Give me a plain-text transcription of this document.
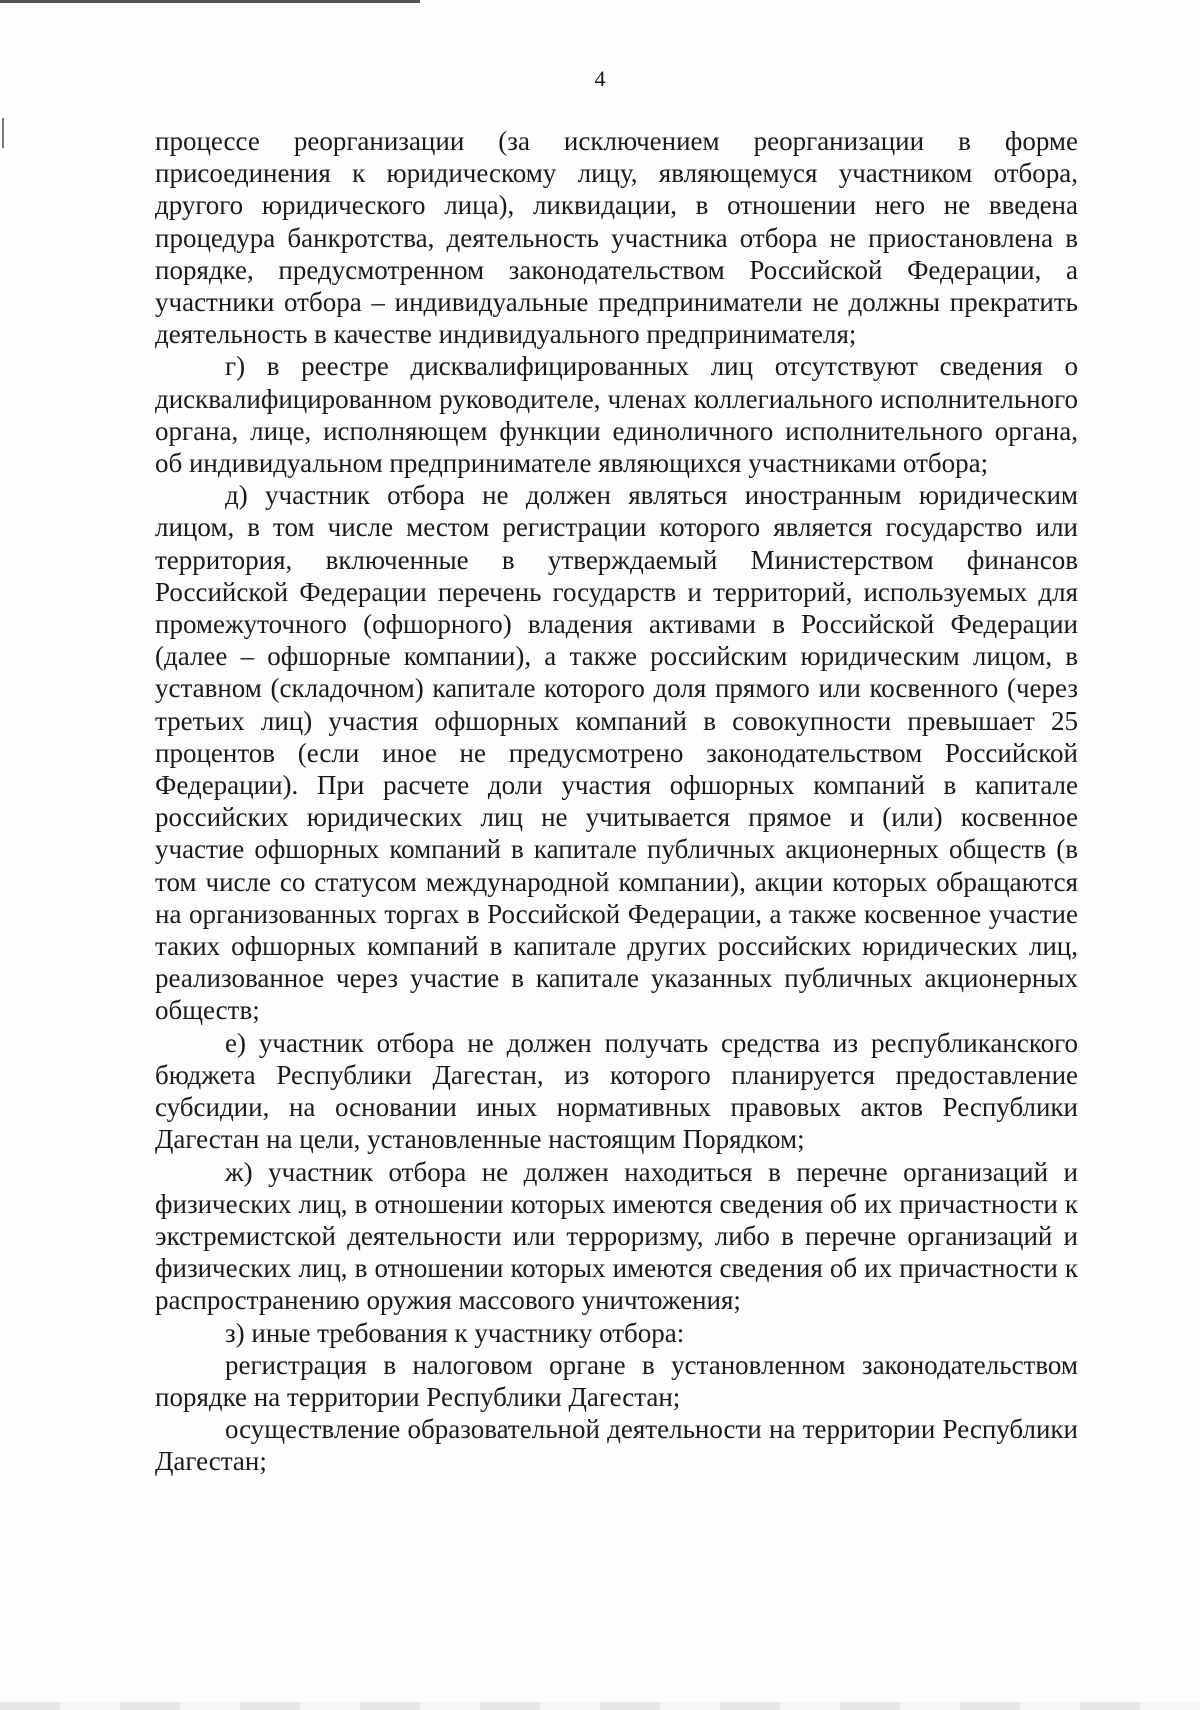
4

процессе реорганизации (за исключением реорганизации в форме присоединения к юридическому лицу, являющемуся участником отбора, другого юридического лица), ликвидации, в отношении него не введена процедура банкротства, деятельность участника отбора не приостановлена в порядке, предусмотренном законодательством Российской Федерации, а участники отбора – индивидуальные предприниматели не должны прекратить деятельность в качестве индивидуального предпринимателя;

г) в реестре дисквалифицированных лиц отсутствуют сведения о дисквалифицированном руководителе, членах коллегиального исполнительного органа, лице, исполняющем функции единоличного исполнительного органа, об индивидуальном предпринимателе являющихся участниками отбора;

д) участник отбора не должен являться иностранным юридическим лицом, в том числе местом регистрации которого является государство или территория, включенные в утверждаемый Министерством финансов Российской Федерации перечень государств и территорий, используемых для промежуточного (офшорного) владения активами в Российской Федерации (далее – офшорные компании), а также российским юридическим лицом, в уставном (складочном) капитале которого доля прямого или косвенного (через третьих лиц) участия офшорных компаний в совокупности превышает 25 процентов (если иное не предусмотрено законодательством Российской Федерации). При расчете доли участия офшорных компаний в капитале российских юридических лиц не учитывается прямое и (или) косвенное участие офшорных компаний в капитале публичных акционерных обществ (в том числе со статусом международной компании), акции которых обращаются на организованных торгах в Российской Федерации, а также косвенное участие таких офшорных компаний в капитале других российских юридических лиц, реализованное через участие в капитале указанных публичных акционерных обществ;

е) участник отбора не должен получать средства из республиканского бюджета Республики Дагестан, из которого планируется предоставление субсидии, на основании иных нормативных правовых актов Республики Дагестан на цели, установленные настоящим Порядком;

ж) участник отбора не должен находиться в перечне организаций и физических лиц, в отношении которых имеются сведения об их причастности к экстремистской деятельности или терроризму, либо в перечне организаций и физических лиц, в отношении которых имеются сведения об их причастности к распространению оружия массового уничтожения;

з) иные требования к участнику отбора:

регистрация в налоговом органе в установленном законодательством порядке на территории Республики Дагестан;

осуществление образовательной деятельности на территории Республики Дагестан;
